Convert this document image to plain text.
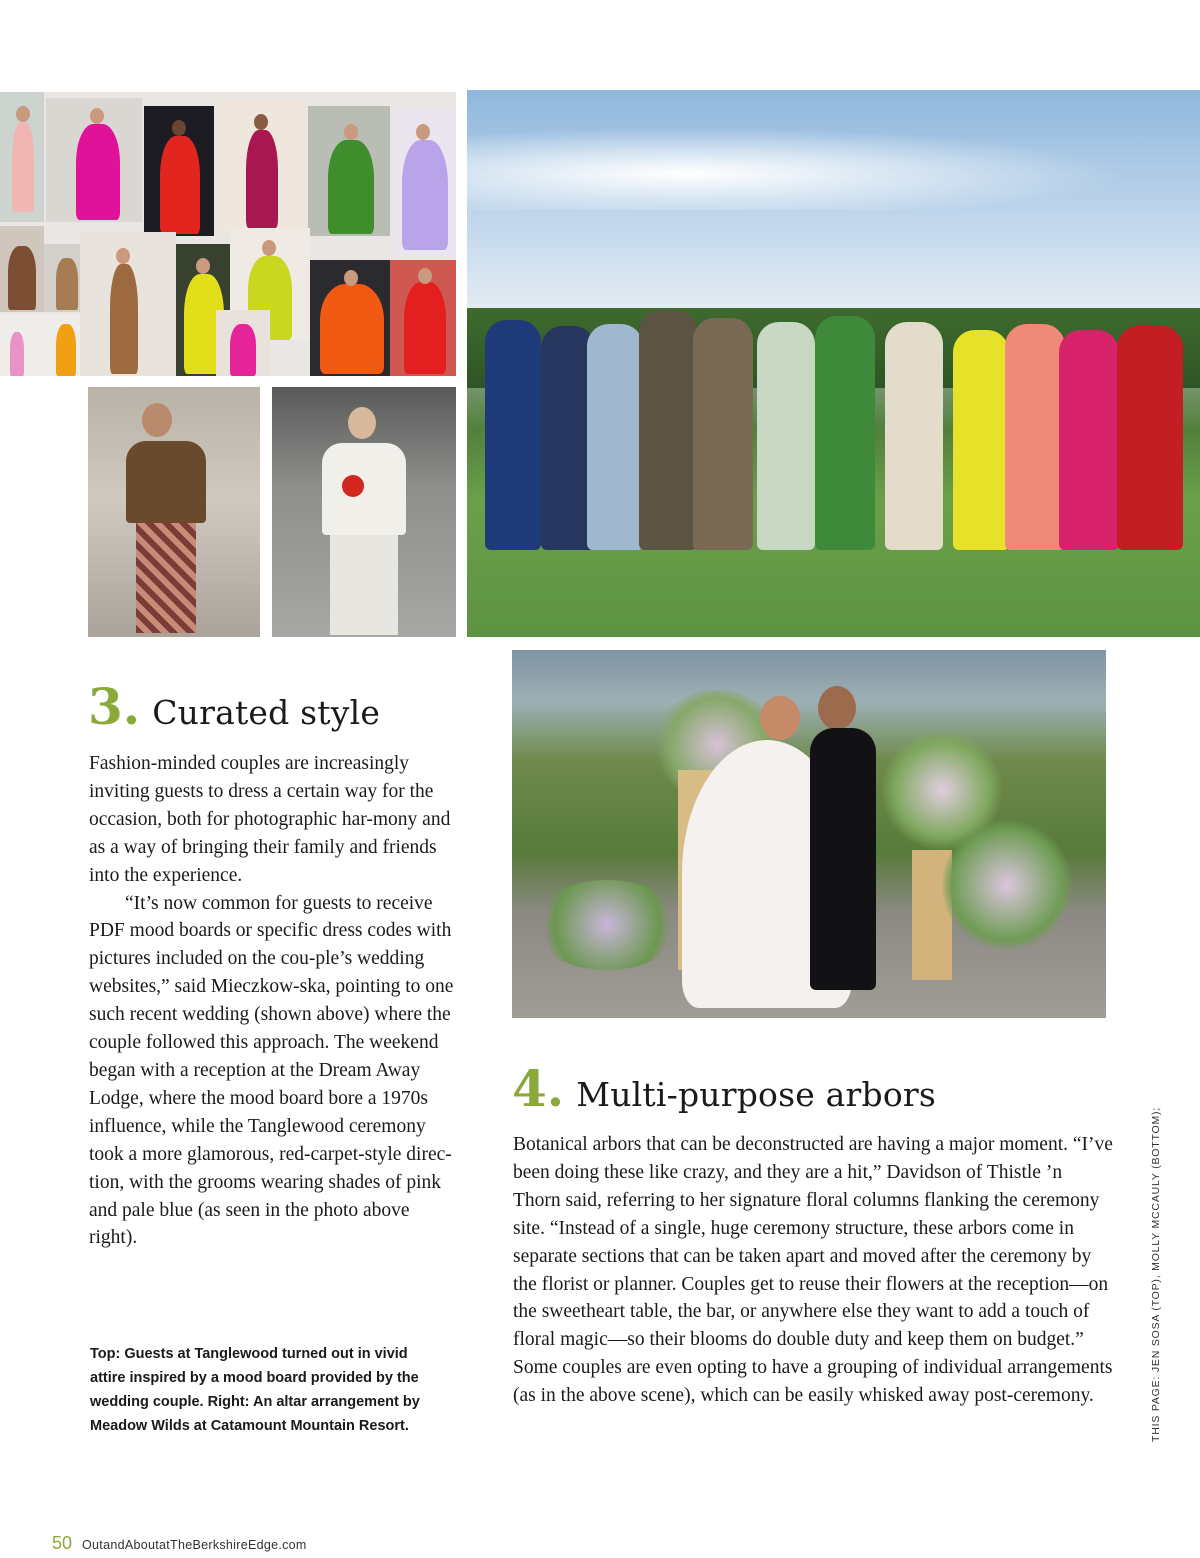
3. Curated style

Fashion-minded couples are increasingly inviting guests to dress a certain way for the occasion, both for photographic har-mony and as a way of bringing their family and friends into the experience.

“It’s now common for guests to receive PDF mood boards or specific dress codes with pictures included on the cou-ple’s wedding websites,” said Mieczkow-ska, pointing to one such recent wedding (shown above) where the couple followed this approach. The weekend began with a reception at the Dream Away Lodge, where the mood board bore a 1970s influence, while the Tanglewood ceremony took a more glamorous, red-carpet-style direc-tion, with the grooms wearing shades of pink and pale blue (as seen in the photo above right).

Top: Guests at Tanglewood turned out in vivid attire inspired by a mood board provided by the wedding couple. Right: An altar arrangement by Meadow Wilds at Catamount Mountain Resort.
4. Multi-purpose arbors

Botanical arbors that can be deconstructed are having a major moment. “I’ve been doing these like crazy, and they are a hit,” Davidson of Thistle ’n Thorn said, referring to her signature floral columns flanking the ceremony site. “Instead of a single, huge ceremony structure, these arbors come in separate sections that can be taken apart and moved after the ceremony by the florist or planner. Couples get to reuse their flowers at the reception—on the sweetheart table, the bar, or anywhere else they want to add a touch of floral magic—so their blooms do double duty and keep them on budget.” Some couples are even opting to have a grouping of individual arrangements (as in the above scene), which can be easily whisked away post-ceremony.	THIS PAGE: JEN SOSA (TOP), MOLLY MCCAULY (BOTTOM);
50 OutandAboutatTheBerkshireEdge.com
